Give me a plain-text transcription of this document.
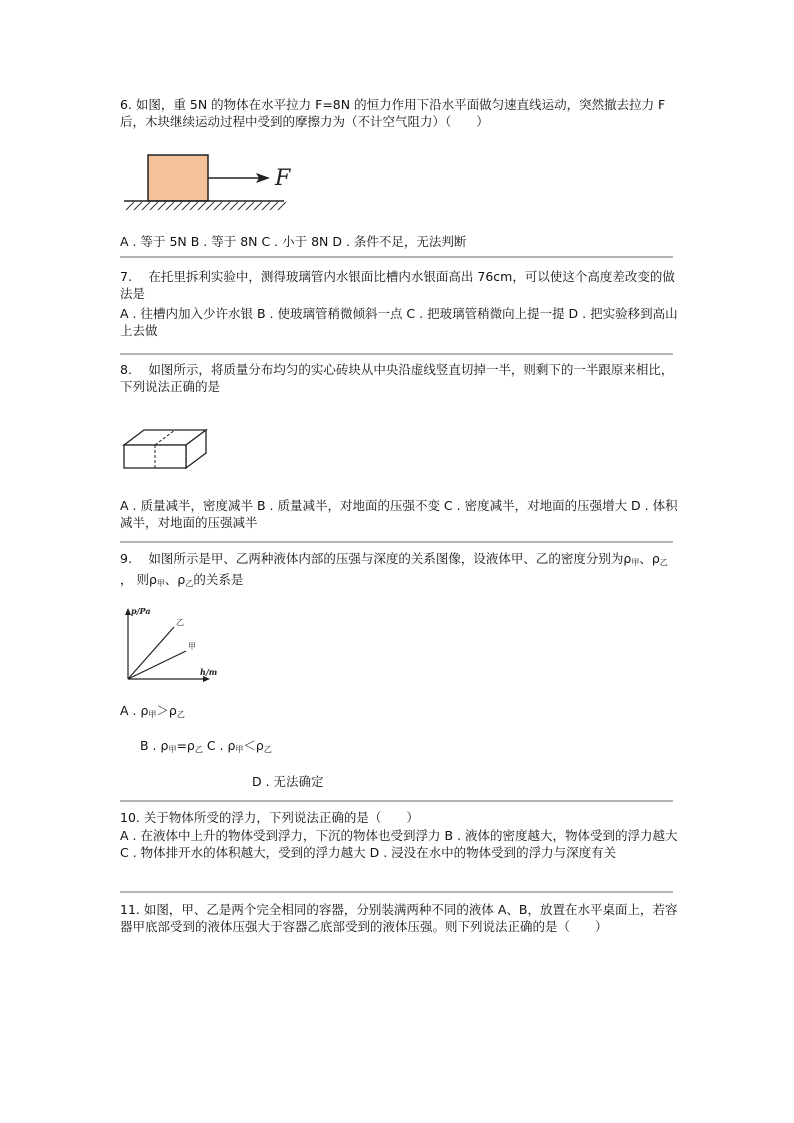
6. 如图，重 5N 的物体在水平拉力 F=8N 的恒力作用下沿水平面做匀速直线运动，突然撤去拉力 F 后，木块继续运动过程中受到的摩擦力为（不计空气阻力）（　　）
F
A . 等于 5N B . 等于 8N C . 小于 8N D . 条件不足，无法判断
7.　 在托里拆利实验中，测得玻璃管内水银面比槽内水银面高出 76cm，可以使这个高度差改变的做法是
A . 往槽内加入少许水银 B . 使玻璃管稍微倾斜一点 C . 把玻璃管稍微向上提一提 D . 把实验移到高山上去做
8.　 如图所示，将质量分布均匀的实心砖块从中央沿虚线竖直切掉一半，则剩下的一半跟原来相比，下列说法正确的是
A . 质量减半，密度减半 B . 质量减半，对地面的压强不变 C . 密度减半，对地面的压强增大 D . 体积减半，对地面的压强减半
9.　 如图所示是甲、乙两种液体内部的压强与深度的关系图像，设液体甲、乙的密度分别为$\rho_甲$、$\rho_乙$ ， 则$\rho_甲$、$\rho_乙$的关系是
p/Pa
h/m
乙
甲
A . $\rho_甲>\rho_乙$
B . $\rho_甲=\rho_乙$ C . $\rho_甲<\rho_乙$
D . 无法确定
10. 关于物体所受的浮力，下列说法正确的是（　　）
A . 在液体中上升的物体受到浮力，下沉的物体也受到浮力 B . 液体的密度越大，物体受到的浮力越大 C . 物体排开水的体积越大，受到的浮力越大 D . 浸没在水中的物体受到的浮力与深度有关
11. 如图，甲、乙是两个完全相同的容器，分别装满两种不同的液体 A、B，放置在水平桌面上，若容器甲底部受到的液体压强大于容器乙底部受到的液体压强。则下列说法正确的是（　　）
